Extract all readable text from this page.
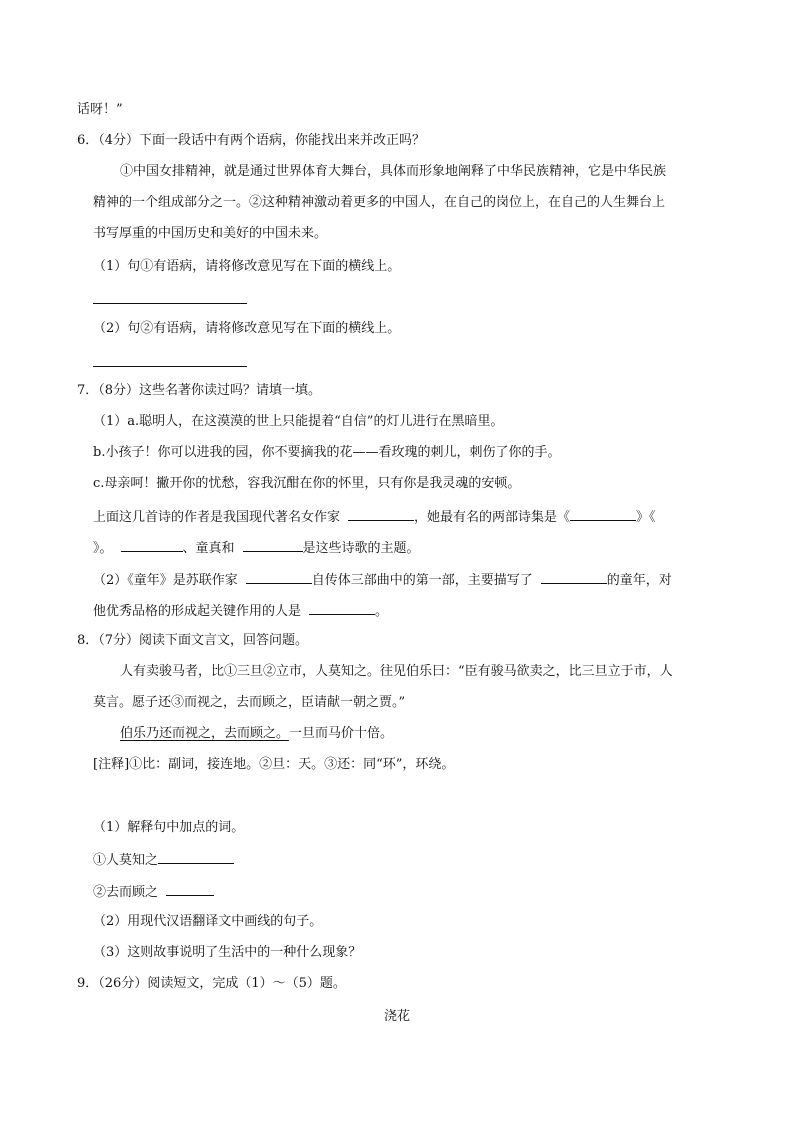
话呀！”
6．（4分）下面一段话中有两个语病，你能找出来并改正吗？
①中国女排精神，就是通过世界体育大舞台，具体而形象地阐释了中华民族精神，它是中华民族
精神的一个组成部分之一。②这种精神激动着更多的中国人，在自己的岗位上，在自己的人生舞台上
书写厚重的中国历史和美好的中国未来。
（1）句①有语病，请将修改意见写在下面的横线上。
（2）句②有语病，请将修改意见写在下面的横线上。
7．（8分）这些名著你读过吗？请填一填。
（1）a.聪明人，在这漠漠的世上只能提着“自信”的灯儿进行在黑暗里。
b.小孩子！你可以进我的园，你不要摘我的花——看玫瑰的刺儿，刺伤了你的手。
c.母亲呵！撇开你的忧愁，容我沉酣在你的怀里，只有你是我灵魂的安顿。
上面这几首诗的作者是我国现代著名女作家	，她最有名的两部诗集是《	》《
》。	、童真和	是这些诗歌的主题。
（2）《童年》是苏联作家	自传体三部曲中的第一部，主要描写了	的童年，对
他优秀品格的形成起关键作用的人是	。
8．（7分）阅读下面文言文，回答问题。
人有卖骏马者，比①三旦②立市，人莫知之。往见伯乐曰：“臣有骏马欲卖之，比三旦立于市，人
莫言。愿子还③而视之，去而顾之，臣请献一朝之贾。”
伯乐乃还而视之，去而顾之。一旦而马价十倍。
[注释]①比：副词，接连地。②旦：天。③还：同“环”，环绕。
（1）解释句中加点的词。
①人莫知之
②去而顾之
（2）用现代汉语翻译文中画线的句子。
（3）这则故事说明了生活中的一种什么现象？
9．（26分）阅读短文，完成（1）～（5）题。
浇花
